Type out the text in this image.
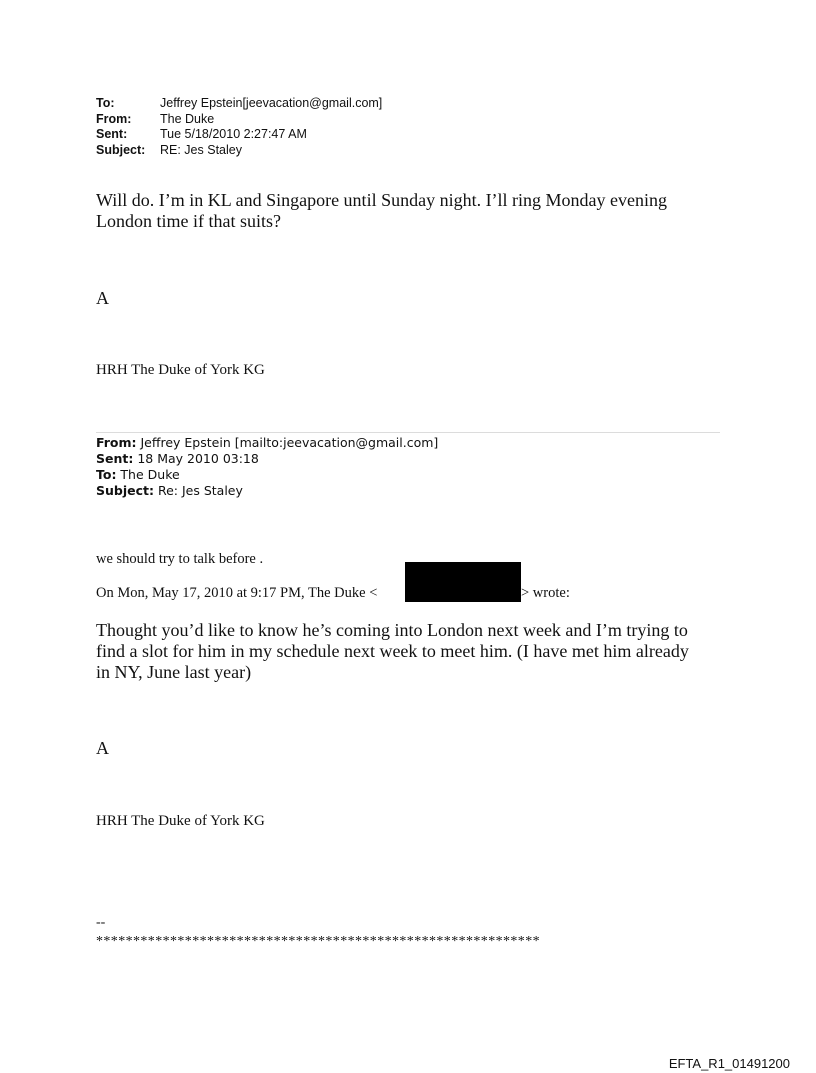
To:	Jeffrey Epstein[jeevacation@gmail.com]
From:	The Duke
Sent:	Tue 5/18/2010 2:27:47 AM
Subject:	RE: Jes Staley
Will do. I’m in KL and Singapore until Sunday night. I’ll ring Monday evening
London time if that suits?
A
HRH The Duke of York KG
From: Jeffrey Epstein [mailto:jeevacation@gmail.com]
Sent: 18 May 2010 03:18
To: The Duke
Subject: Re: Jes Staley
we should try to talk before .
On Mon, May 17, 2010 at 9:17 PM, The Duke <	> wrote:
Thought you’d like to know he’s coming into London next week and I’m trying to
find a slot for him in my schedule next week to meet him. (I have met him already
in NY, June last year)
A
HRH The Duke of York KG
--
************************************************************
EFTA_R1_01491200
